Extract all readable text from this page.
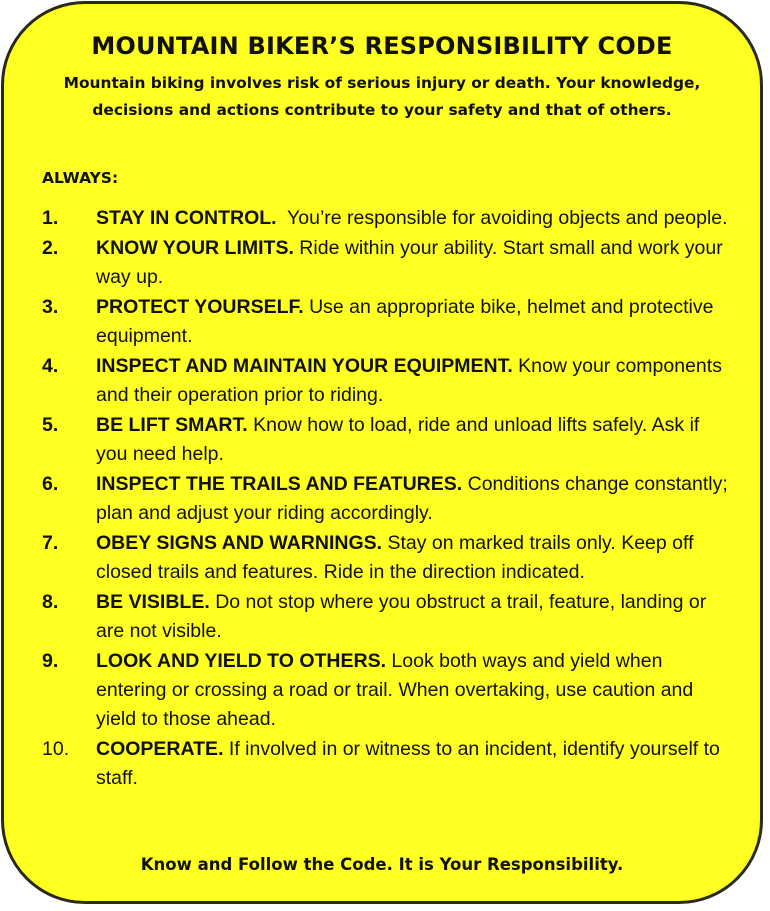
MOUNTAIN BIKER’S RESPONSIBILITY CODE
Mountain biking involves risk of serious injury or death. Your knowledge, decisions and actions contribute to your safety and that of others.
ALWAYS:
1. STAY IN CONTROL.  You’re responsible for avoiding objects and people.
2. KNOW YOUR LIMITS. Ride within your ability. Start small and work your way up.
3. PROTECT YOURSELF. Use an appropriate bike, helmet and protective equipment.
4. INSPECT AND MAINTAIN YOUR EQUIPMENT. Know your components and their operation prior to riding.
5. BE LIFT SMART. Know how to load, ride and unload lifts safely. Ask if you need help.
6. INSPECT THE TRAILS AND FEATURES. Conditions change constantly; plan and adjust your riding accordingly.
7. OBEY SIGNS AND WARNINGS. Stay on marked trails only. Keep off closed trails and features. Ride in the direction indicated.
8. BE VISIBLE. Do not stop where you obstruct a trail, feature, landing or are not visible.
9. LOOK AND YIELD TO OTHERS. Look both ways and yield when entering or crossing a road or trail. When overtaking, use caution and yield to those ahead.
10. COOPERATE. If involved in or witness to an incident, identify yourself to staff.
Know and Follow the Code. It is Your Responsibility.
